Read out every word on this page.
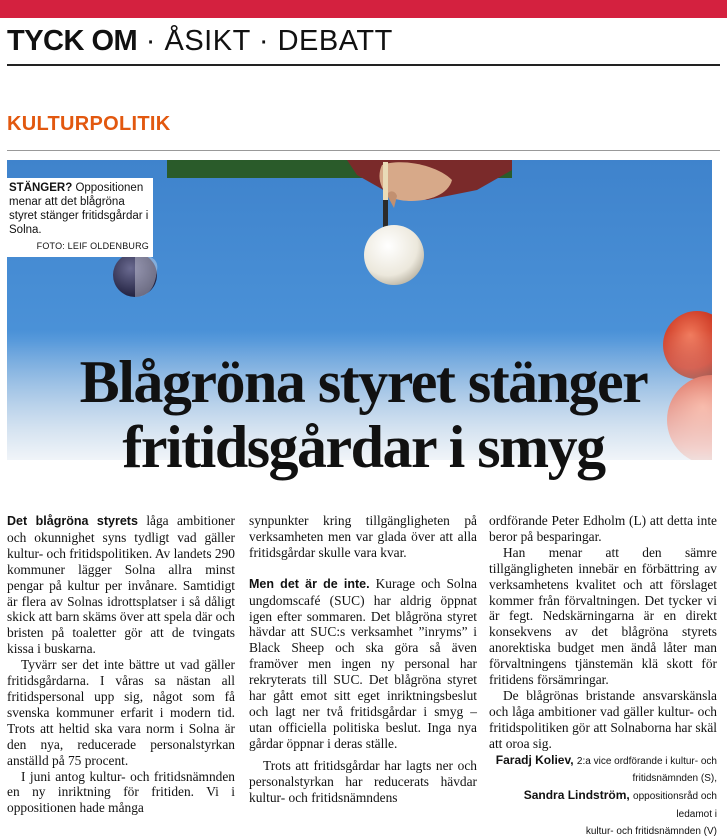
TYCK OM · ÅSIKT · DEBATT
KULTURPOLITIK
STÄNGER? Oppositionen menar att det blågröna styret stänger fritidsgårdar i Solna.
FOTO: LEIF OLDENBURG
Blågröna styret stänger
fritidsgårdar i smyg

Det blågröna styrets låga ambitioner och okunnighet syns tydligt vad gäller kultur- och fritidspolitiken. Av landets 290 kommuner lägger Solna allra minst pengar på kultur per invånare. Samtidigt är flera av Solnas idrottsplatser i så dåligt skick att barn skäms över att spela där och bristen på toaletter gör att de tvingats kissa i buskarna.

Tyvärr ser det inte bättre ut vad gäller fritidsgårdarna. I våras sa nästan all fritidspersonal upp sig, något som få svenska kommuner erfarit i modern tid. Trots att heltid ska vara norm i Solna är den nya, reducerade personalstyrkan anställd på 75 procent.

I juni antog kultur- och fritidsnämnden en ny inriktning för fritiden. Vi i oppositionen hade många

synpunkter kring tillgängligheten på verksamheten men var glada över att alla fritidsgårdar skulle vara kvar.

Men det är de inte. Kurage och Solna ungdomscafé (SUC) har aldrig öppnat igen efter sommaren. Det blågröna styret hävdar att SUC:s verksamhet ”inryms” i Black Sheep och ska göra så även framöver men ingen ny personal har rekryterats till SUC. Det blågröna styret har gått emot sitt eget inriktningsbeslut och lagt ner två fritidsgårdar i smyg – utan officiella politiska beslut. Inga nya gårdar öppnar i deras ställe.

Trots att fritidsgårdar har lagts ner och personalstyrkan har reducerats hävdar kultur- och fritidsnämndens

ordförande Peter Edholm (L) att detta inte beror på besparingar.

Han menar att den sämre tillgängligheten innebär en förbättring av verksamhetens kvalitet och att förslaget kommer från förvaltningen. Det tycker vi är fegt. Nedskärningarna är en direkt konsekvens av det blågröna styrets anorektiska budget men ändå låter man förvaltningens tjänstemän klä skott för fritidens försämringar.

De blågrönas bristande ansvarskänsla och låga ambitioner vad gäller kultur- och fritidspolitiken gör att Solnaborna har skäl att oroa sig.

Faradj Koliev, 2:a vice ordförande i kultur- och
fritidsnämnden (S),
Sandra Lindström, oppositionsråd och ledamot i
kultur- och fritidsnämnden (V)
